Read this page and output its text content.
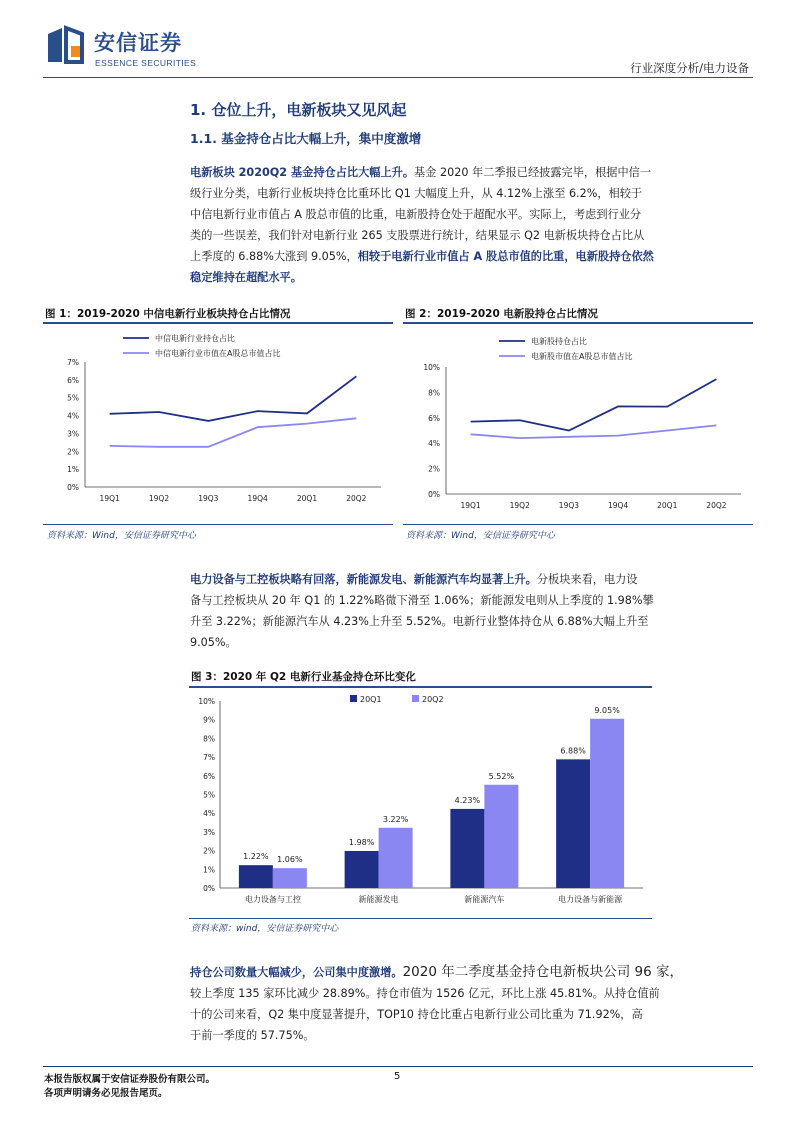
安信证券
ESSENCE SECURITIES	行业深度分析/电力设备
1. 仓位上升，电新板块又见风起
1.1. 基金持仓占比大幅上升，集中度激增
电新板块 2020Q2 基金持仓占比大幅上升。基金 2020 年二季报已经披露完毕，根据中信一
级行业分类，电新行业板块持仓比重环比 Q1 大幅度上升，从 4.12%上涨至 6.2%，相较于
中信电新行业市值占 A 股总市值的比重，电新股持仓处于超配水平。实际上，考虑到行业分
类的一些误差，我们针对电新行业 265 支股票进行统计，结果显示 Q2 电新板块持仓占比从
上季度的 6.88%大涨到 9.05%，相较于电新行业市值占 A 股总市值的比重，电新股持仓依然
稳定维持在超配水平。
图 1：2019-2020 中信电新行业板块持仓占比情况
0%
1%
2%
3%
4%
5%
6%
7%
19Q1	19Q2	19Q3	19Q4	20Q1	20Q2
中信电新行业持仓占比
中信电新行业市值在A股总市值占比
资料来源：Wind，安信证券研究中心
图 2：2019-2020 电新股持仓占比情况
0%
2%
4%
6%
8%
10%
19Q1	19Q2	19Q3	19Q4	20Q1	20Q2
电新股持仓占比
电新股市值在A股总市值占比
资料来源：Wind，安信证券研究中心
电力设备与工控板块略有回落，新能源发电、新能源汽车均显著上升。分板块来看，电力设
备与工控板块从 20 年 Q1 的 1.22%略微下滑至 1.06%；新能源发电则从上季度的 1.98%攀
升至 3.22%；新能源汽车从 4.23%上升至 5.52%。电新行业整体持仓从 6.88%大幅上升至
9.05%。
图 3：2020 年 Q2 电新行业基金持仓环比变化
0%
1%
2%
3%
4%
5%
6%
7%
8%
9%
10%
电力设备与工控
1.22% 1.06%
新能源发电
1.98%
3.22%
新能源汽车
4.23%
5.52%
电力设备与新能源
6.88%
9.05%
20Q1	20Q2
资料来源：wind，安信证券研究中心
持仓公司数量大幅减少，公司集中度激增。2020 年二季度基金持仓电新板块公司 96 家，
较上季度 135 家环比减少 28.89%。持仓市值为 1526 亿元，环比上涨 45.81%。从持仓值前
十的公司来看，Q2 集中度显著提升，TOP10 持仓比重占电新行业公司比重为 71.92%，高
于前一季度的 57.75%。
本报告版权属于安信证券股份有限公司。
各项声明请务必见报告尾页。
5
